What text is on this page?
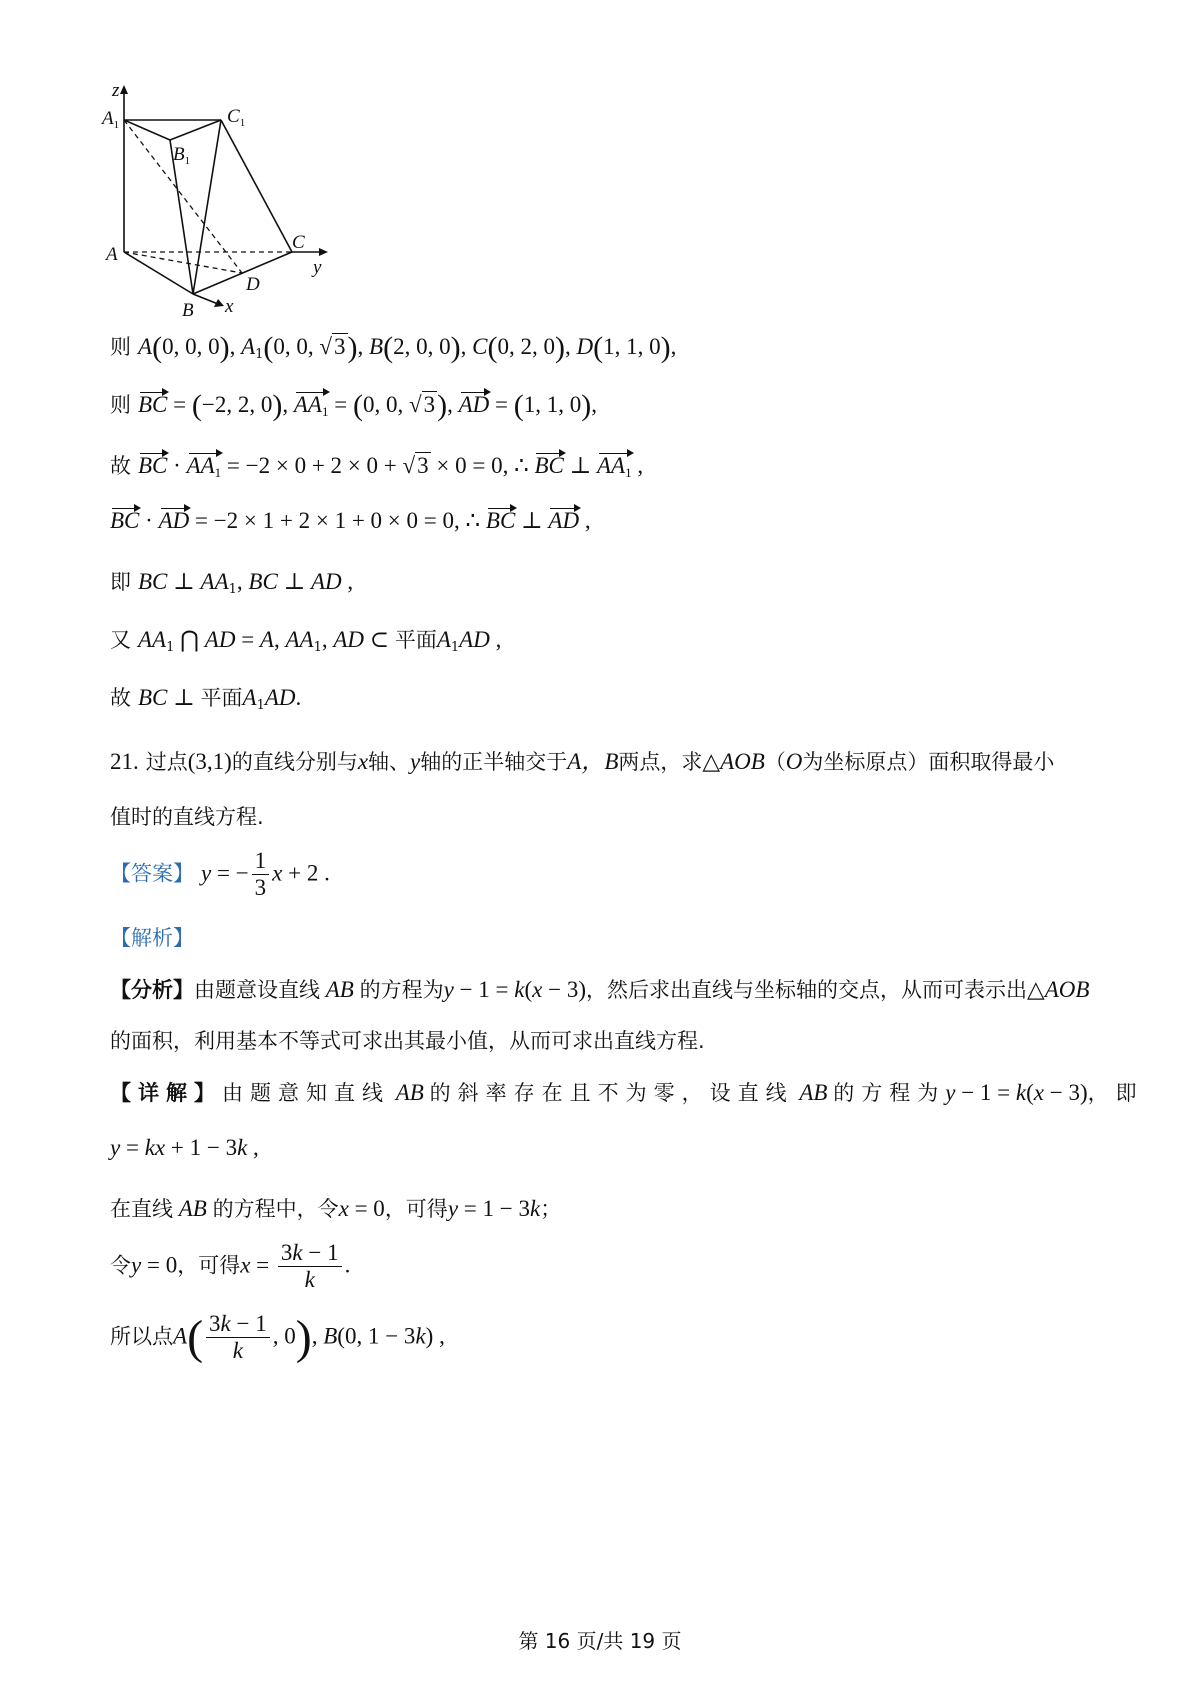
z
$A_1$	$C_1$
$B_1$
A
C
y
D
B x
则 A(0, 0, 0), $A_1(0$, 0, √3), B(2, 0, 0), C(0, 2, 0), D(1, 1, 0),
则 BC = (−2, 2, 0), $AA_1 = (0$, 0, √3), AD = (1, 1, 0),
故 BC · $AA_1 = -2 \times 0 + 2 \times 0 + √3 \times 0 = 0$, ∴ BC ⊥ $AA_1$ ,
BC · AD = −2 × 1 + 2 × 1 + 0 × 0 = 0, ∴ BC ⊥ AD ,
即 BC ⊥ $AA_1$, BC ⊥ AD ,
又 $AA_1$ ⋂ AD = A, $AA_1$, AD ⊂ 平面$A_1AD$ ,
故 BC ⊥ 平面$A_1AD$.
21. 过点(3,1)的直线分别与x轴、y轴的正半轴交于A，B两点，求△AOB（O为坐标原点）面积取得最小
值时的直线方程.
【答案】 y = − $\frac{1}{3}$ x + 2 .
【解析】
【分析】由题意设直线 AB 的方程为y − 1 = k(x − 3)，然后求出直线与坐标轴的交点，从而可表示出△AOB
的面积，利用基本不等式可求出其最小值，从而可求出直线方程.
【详解】由题意知直线 AB 的斜率存在且不为零，设直线 AB 的方程为y − 1 = k(x − 3)，即
y = kx + 1 − 3k ,
在直线 AB 的方程中，令x = 0，可得y = 1 − 3k；
令y = 0，可得$x = \frac{3k - 1}{k}$ .
所以点$A( \frac{3k - 1}{k}$ , 0), B(0, 1 − 3k) ,
第 16 页/共 19 页
